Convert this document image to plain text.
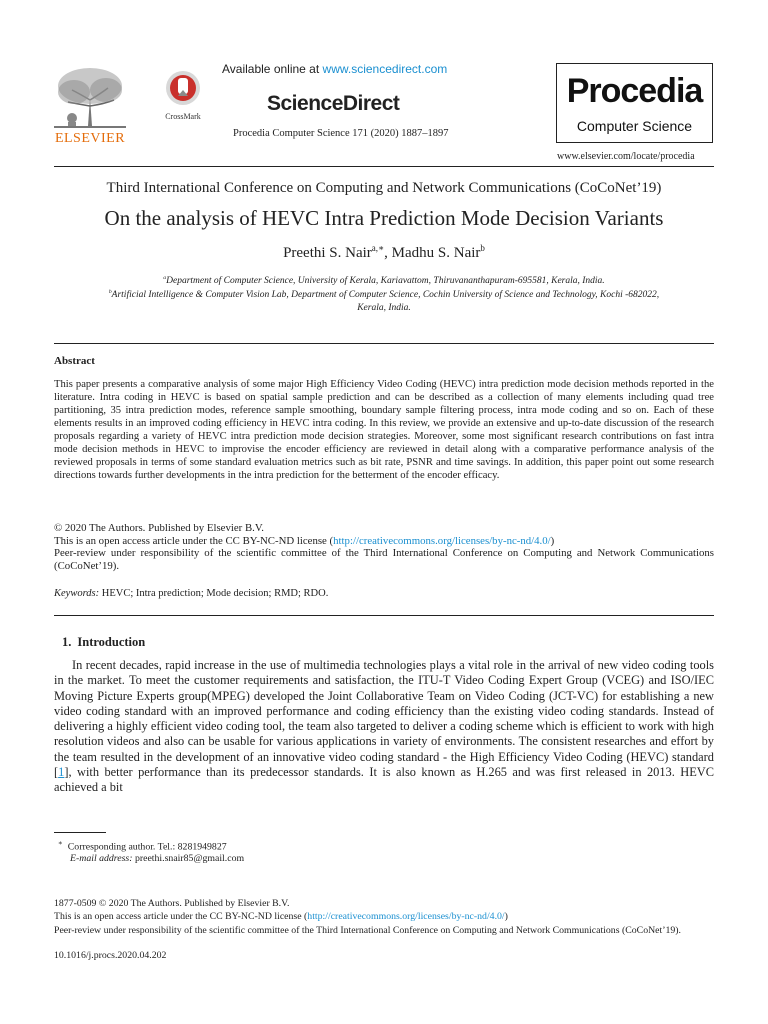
ELSEVIER
CrossMark
Available online at www.sciencedirect.com
ScienceDirect
Procedia Computer Science 171 (2020) 1887–1897
Procedia
Computer Science
www.elsevier.com/locate/procedia
Third International Conference on Computing and Network Communications (CoCoNet’19)
On the analysis of HEVC Intra Prediction Mode Decision Variants
Preethi S. Nair$^{a,∗}$, Madhu S. Nair$^b$
$^a$Department of Computer Science, University of Kerala, Kariavattom, Thiruvananthapuram-695581, Kerala, India.
$^b$Artificial Intelligence & Computer Vision Lab, Department of Computer Science, Cochin University of Science and Technology, Kochi -682022,
Kerala, India.
Abstract

This paper presents a comparative analysis of some major High Efficiency Video Coding (HEVC) intra prediction mode decision methods reported in the literature. Intra coding in HEVC is based on spatial sample prediction and can be described as a collection of many elements including quad tree partitioning, 35 intra prediction modes, reference sample smoothing, boundary sample filtering process, intra mode coding and so on. Each of these elements results in an improved coding efficiency in HEVC intra coding. In this review, we provide an extensive and up-to-date discussion of the research proposals regarding a variety of HEVC intra prediction mode decision strategies. Moreover, some most significant research contributions on fast intra mode decision methods in HEVC to improvise the encoder efficiency are reviewed in detail along with a comparative performance analysis of the reviewed proposals in terms of some standard evaluation metrics such as bit rate, PSNR and time savings. In addition, this paper point out some research directions towards further developments in the intra prediction for the betterment of the encoder efficacy.

© 2020 The Authors. Published by Elsevier B.V.
This is an open access article under the CC BY-NC-ND license (http://creativecommons.org/licenses/by-nc-nd/4.0/)
Peer-review under responsibility of the scientific committee of the Third International Conference on Computing and Network Communications (CoCoNet’19).
Keywords: HEVC; Intra prediction; Mode decision; RMD; RDO.
1. Introduction

In recent decades, rapid increase in the use of multimedia technologies plays a vital role in the arrival of new video coding tools in the market. To meet the customer requirements and satisfaction, the ITU-T Video Coding Expert Group (VCEG) and ISO/IEC Moving Picture Experts group(MPEG) developed the Joint Collaborative Team on Video Coding (JCT-VC) for establishing a new video coding standard with an improved performance and coding efficiency than the existing video coding standards. Instead of delivering a highly efficient video coding tool, the team also targeted to deliver a coding scheme which is efficient to work with high resolution videos and also can be usable for various applications in variety of environments. The consistent researches and effort by the team resulted in the development of an innovative video coding standard - the High Efficiency Video Coding (HEVC) standard [1], with better performance than its predecessor standards. It is also known as H.265 and was first released in 2013. HEVC achieved a bit

∗ Corresponding author. Tel.: 8281949827
E-mail address: preethi.snair85@gmail.com
1877-0509 © 2020 The Authors. Published by Elsevier B.V.
This is an open access article under the CC BY-NC-ND license (http://creativecommons.org/licenses/by-nc-nd/4.0/)
Peer-review under responsibility of the scientific committee of the Third International Conference on Computing and Network Communications (CoCoNet’19).
10.1016/j.procs.2020.04.202
